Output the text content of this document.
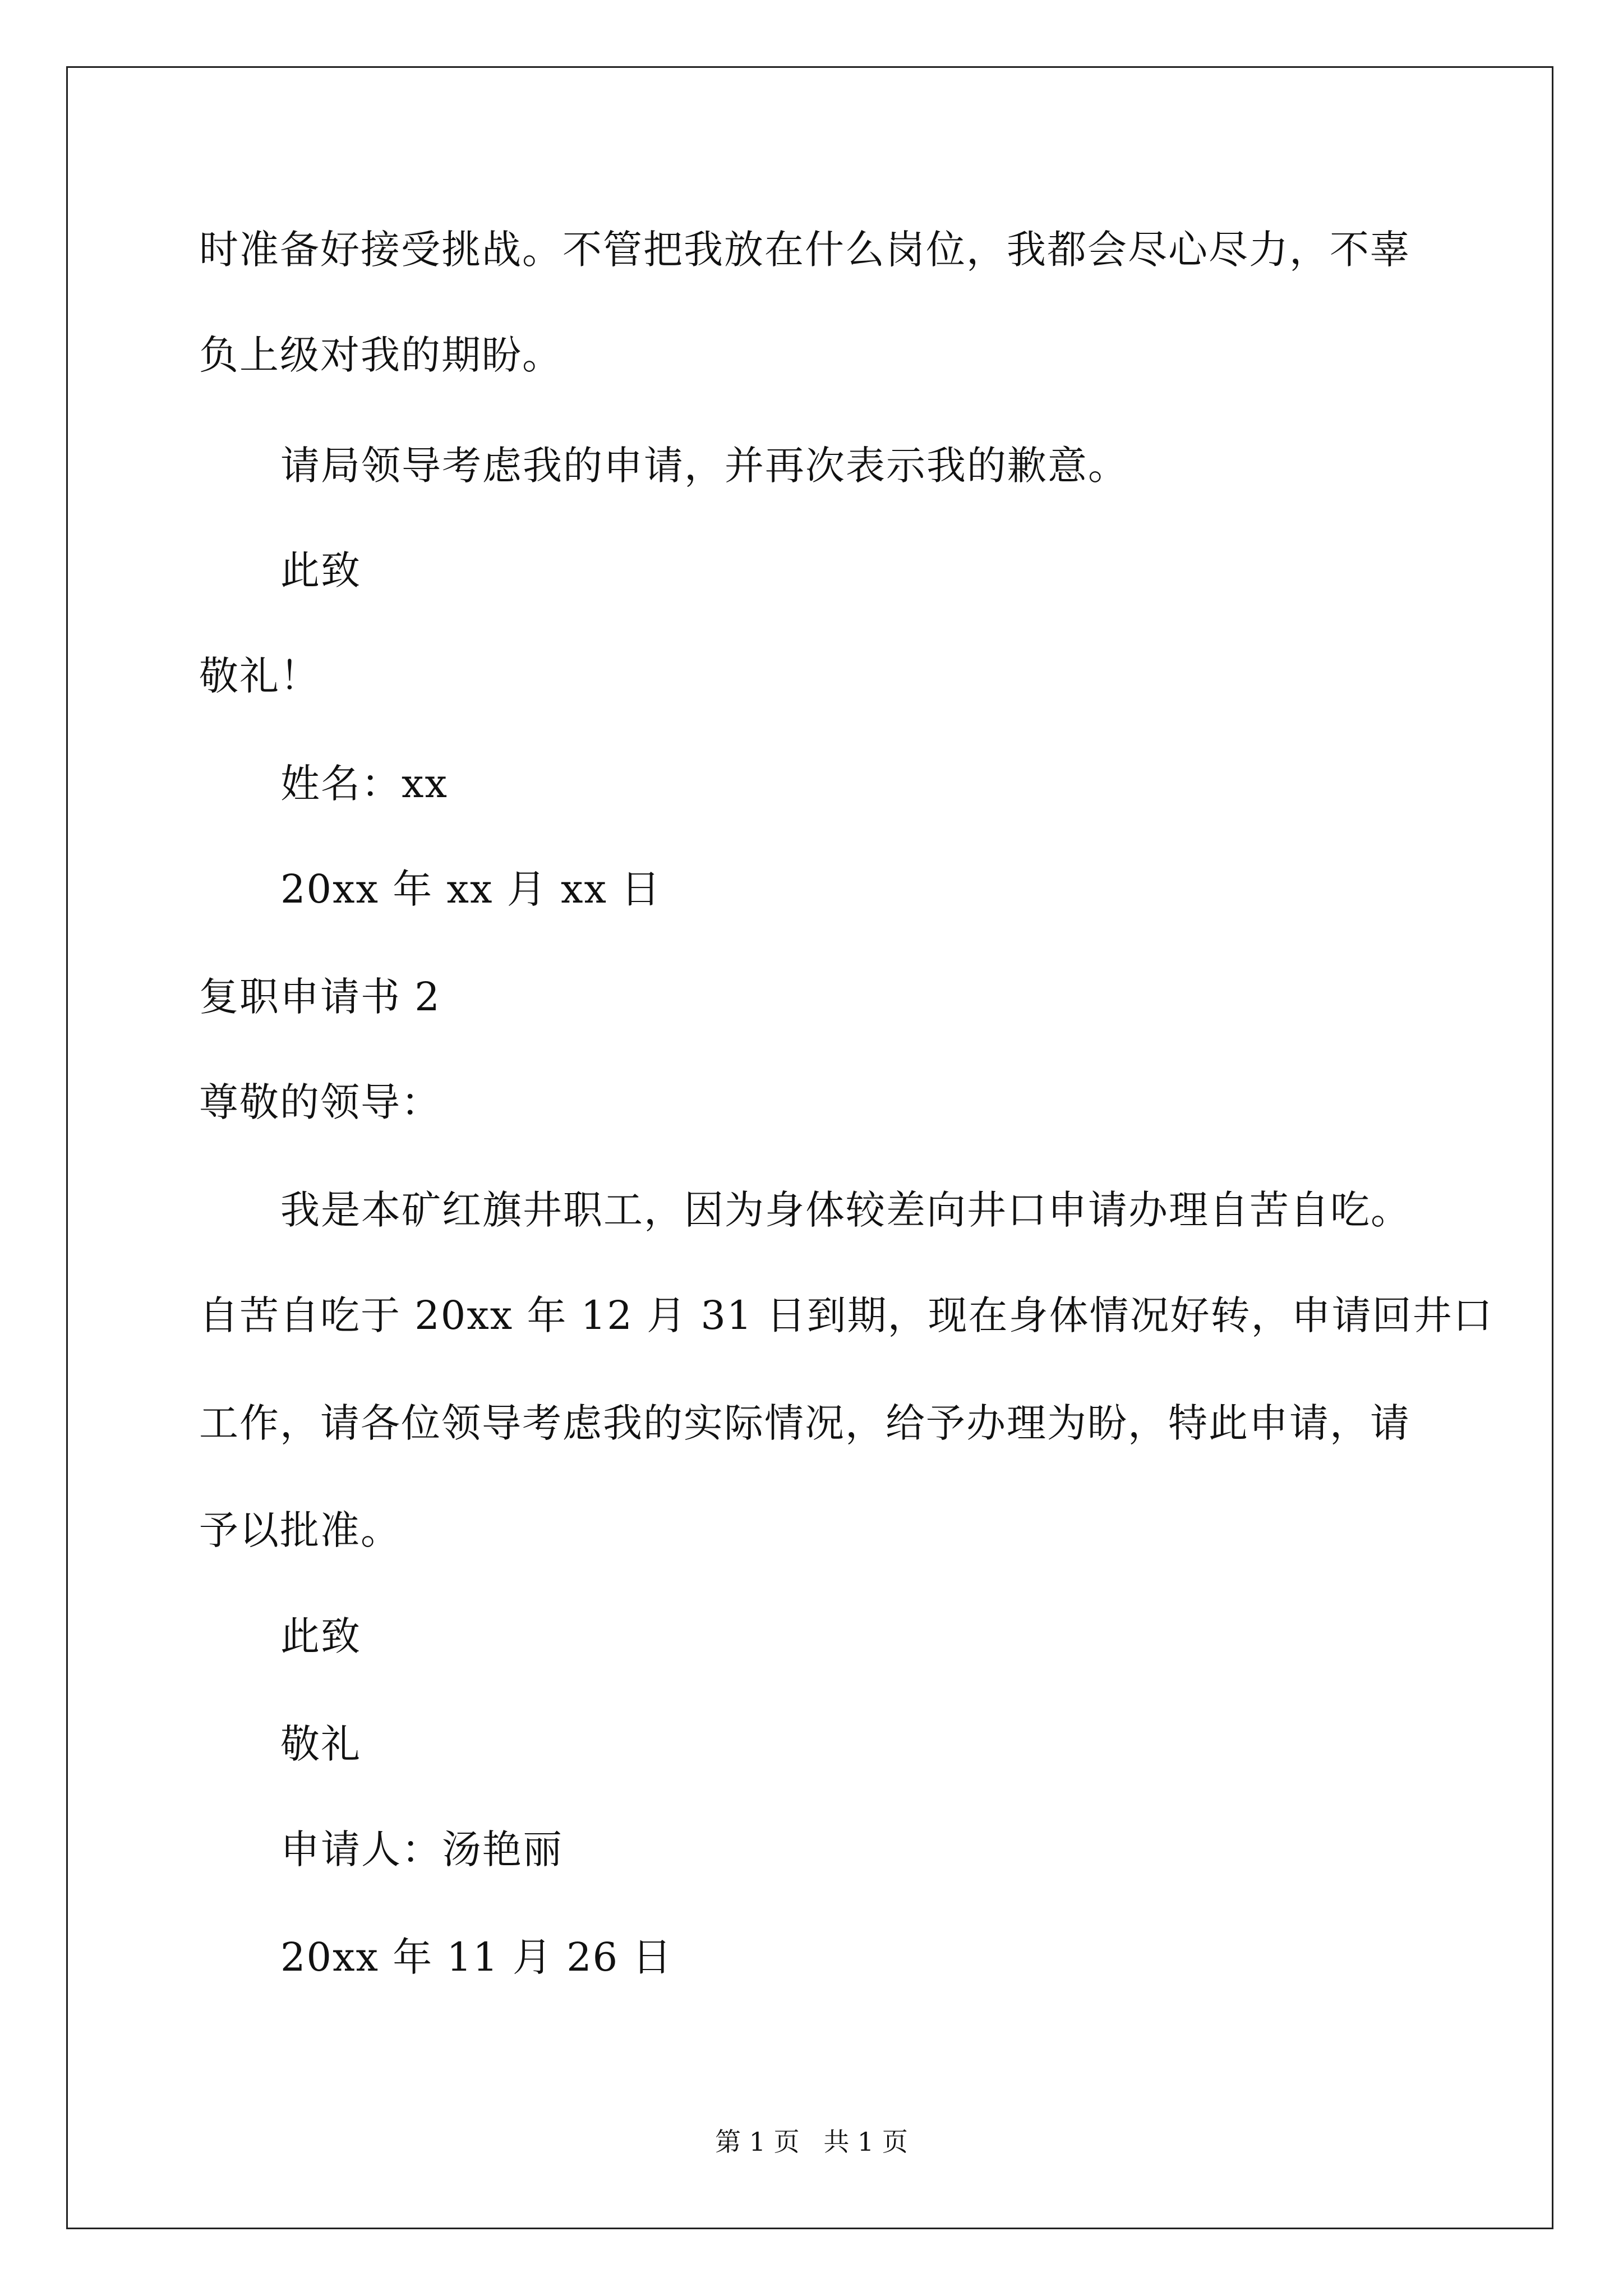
时准备好接受挑战。不管把我放在什么岗位，我都会尽心尽力，不辜
负上级对我的期盼。
请局领导考虑我的申请，并再次表示我的歉意。
此致
敬礼！
姓名：xx
20xx 年 xx 月 xx 日
复职申请书 2
尊敬的领导：
我是本矿红旗井职工，因为身体较差向井口申请办理自苦自吃。
自苦自吃于 20xx 年 12 月 31 日到期，现在身体情况好转，申请回井口
工作，请各位领导考虑我的实际情况，给予办理为盼，特此申请，请
予以批准。
此致
敬礼
申请人：汤艳丽
20xx 年 11 月 26 日
第 1 页 共 1 页
